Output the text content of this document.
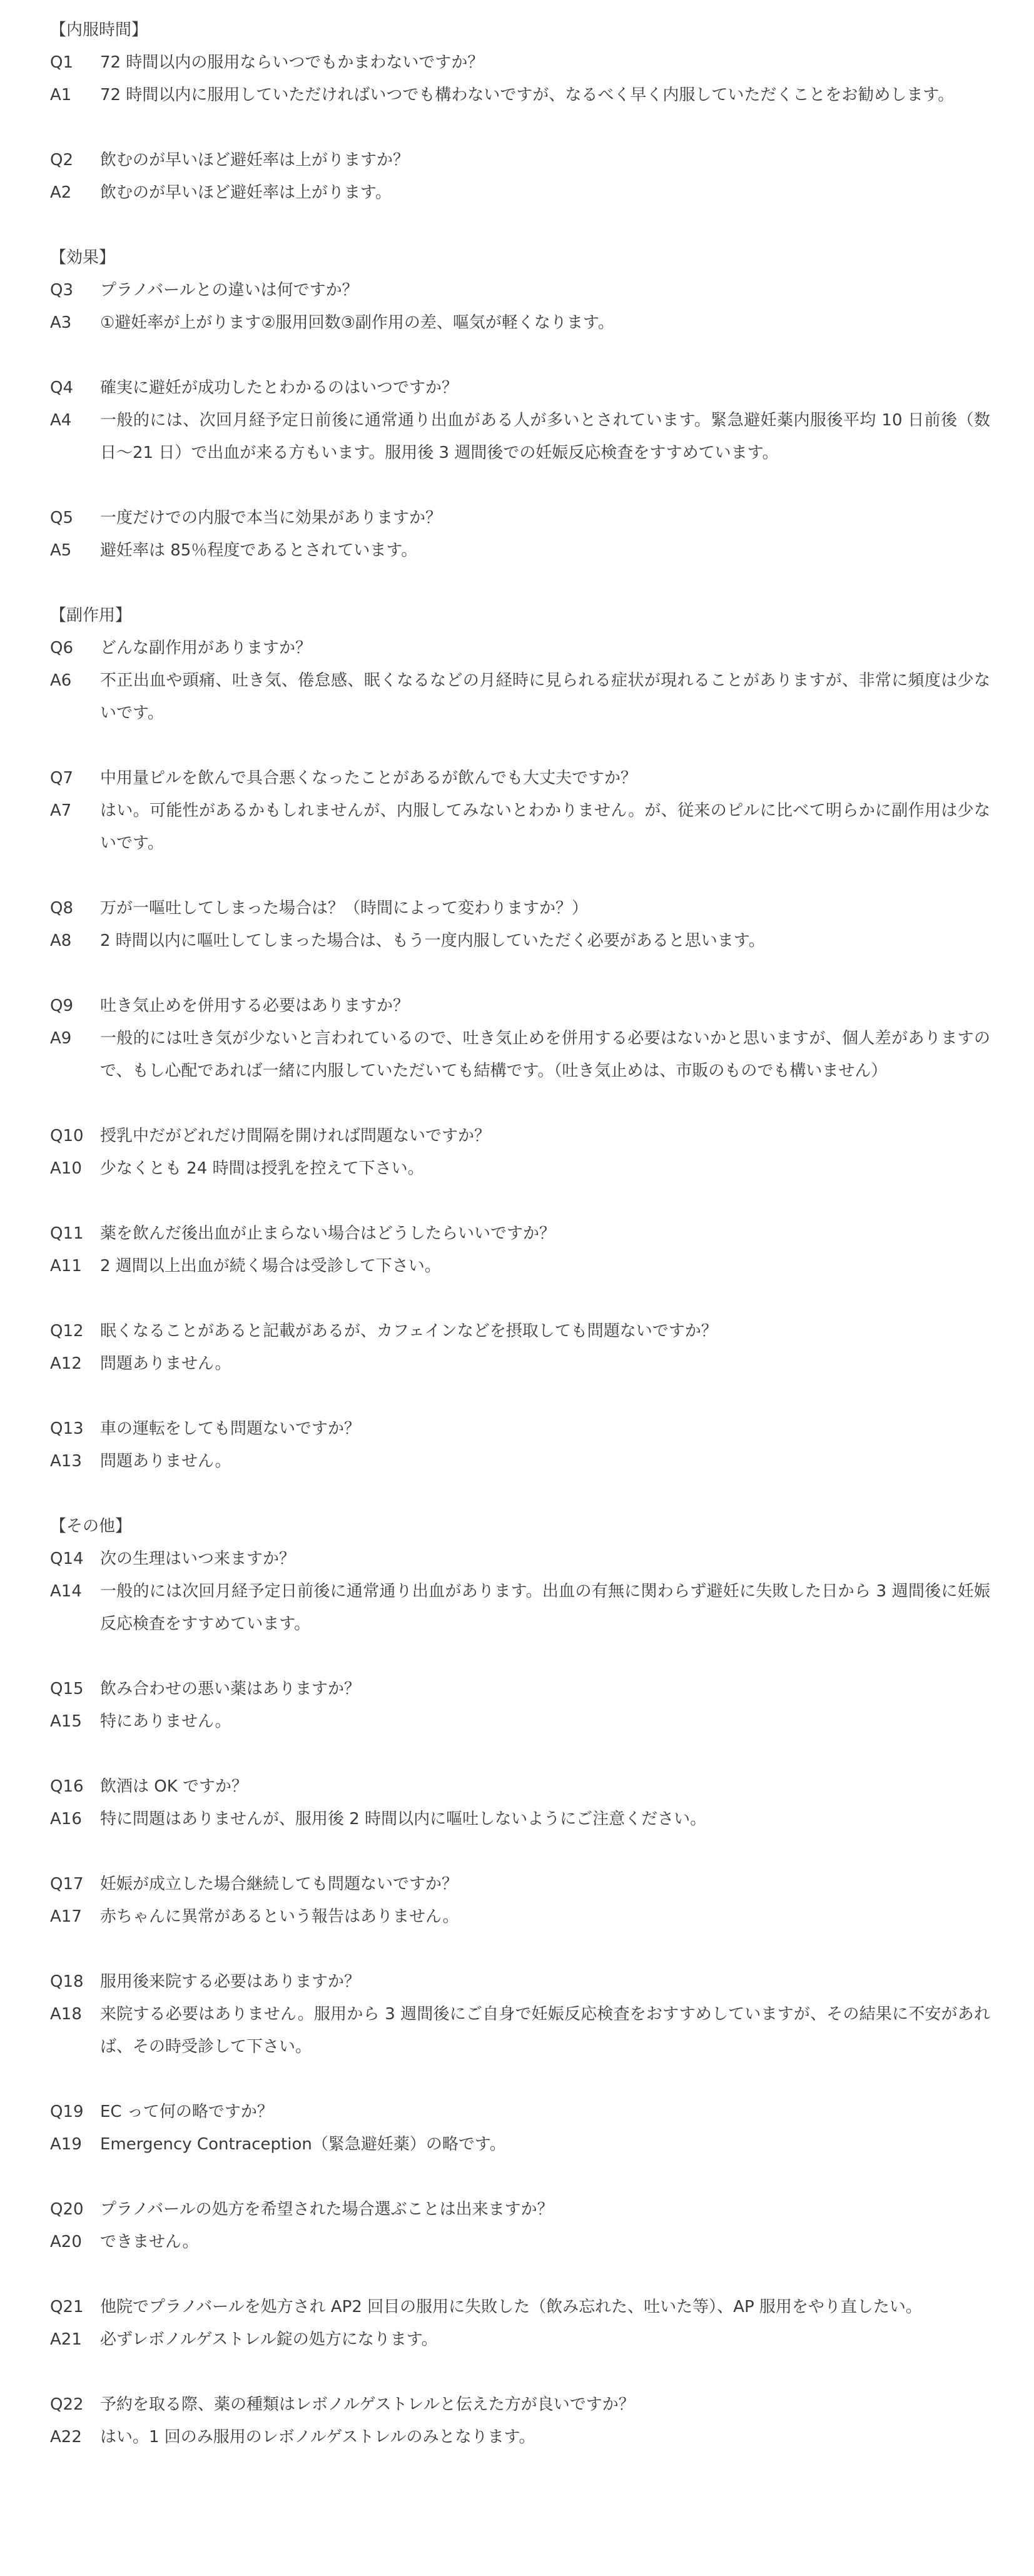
【内服時間】
Q1	72 時間以内の服用ならいつでもかまわないですか？
A1	72 時間以内に服用していただければいつでも構わないですが、なるべく早く内服していただくことをお勧めします。
Q2	飲むのが早いほど避妊率は上がりますか？
A2	飲むのが早いほど避妊率は上がります。
【効果】
Q3	プラノバールとの違いは何ですか？
A3	①避妊率が上がります②服用回数③副作用の差、嘔気が軽くなります。
Q4	確実に避妊が成功したとわかるのはいつですか？
A4	一般的には、次回月経予定日前後に通常通り出血がある人が多いとされています。緊急避妊薬内服後平均 10 日前後（数日〜21 日）で出血が来る方もいます。服用後 3 週間後での妊娠反応検査をすすめています。
Q5	一度だけでの内服で本当に効果がありますか？
A5	避妊率は 85％程度であるとされています。
【副作用】
Q6	どんな副作用がありますか？
A6	不正出血や頭痛、吐き気、倦怠感、眠くなるなどの月経時に見られる症状が現れることがありますが、非常に頻度は少ないです。
Q7	中用量ピルを飲んで具合悪くなったことがあるが飲んでも大丈夫ですか？
A7	はい。可能性があるかもしれませんが、内服してみないとわかりません。が、従来のピルに比べて明らかに副作用は少ないです。
Q8	万が一嘔吐してしまった場合は？（時間によって変わりますか？）
A8	2 時間以内に嘔吐してしまった場合は、もう一度内服していただく必要があると思います。
Q9	吐き気止めを併用する必要はありますか？
A9	一般的には吐き気が少ないと言われているので、吐き気止めを併用する必要はないかと思いますが、個人差がありますので、もし心配であれば一緒に内服していただいても結構です。（吐き気止めは、市販のものでも構いません）
Q10	授乳中だがどれだけ間隔を開ければ問題ないですか？
A10	少なくとも 24 時間は授乳を控えて下さい。
Q11	薬を飲んだ後出血が止まらない場合はどうしたらいいですか？
A11	2 週間以上出血が続く場合は受診して下さい。
Q12	眠くなることがあると記載があるが、カフェインなどを摂取しても問題ないですか？
A12	問題ありません。
Q13	車の運転をしても問題ないですか？
A13	問題ありません。
【その他】
Q14	次の生理はいつ来ますか？
A14	一般的には次回月経予定日前後に通常通り出血があります。出血の有無に関わらず避妊に失敗した日から 3 週間後に妊娠反応検査をすすめています。
Q15	飲み合わせの悪い薬はありますか？
A15	特にありません。
Q16	飲酒は OK ですか？
A16	特に問題はありませんが、服用後 2 時間以内に嘔吐しないようにご注意ください。
Q17	妊娠が成立した場合継続しても問題ないですか？
A17	赤ちゃんに異常があるという報告はありません。
Q18	服用後来院する必要はありますか？
A18	来院する必要はありません。服用から 3 週間後にご自身で妊娠反応検査をおすすめしていますが、その結果に不安があれば、その時受診して下さい。
Q19	EC って何の略ですか？
A19	Emergency Contraception（緊急避妊薬）の略です。
Q20	プラノバールの処方を希望された場合選ぶことは出来ますか？
A20	できません。
Q21	他院でプラノバールを処方され AP2 回目の服用に失敗した（飲み忘れた、吐いた等）、AP 服用をやり直したい。
A21	必ずレボノルゲストレル錠の処方になります。
Q22	予約を取る際、薬の種類はレボノルゲストレルと伝えた方が良いですか？
A22	はい。1 回のみ服用のレボノルゲストレルのみとなります。
